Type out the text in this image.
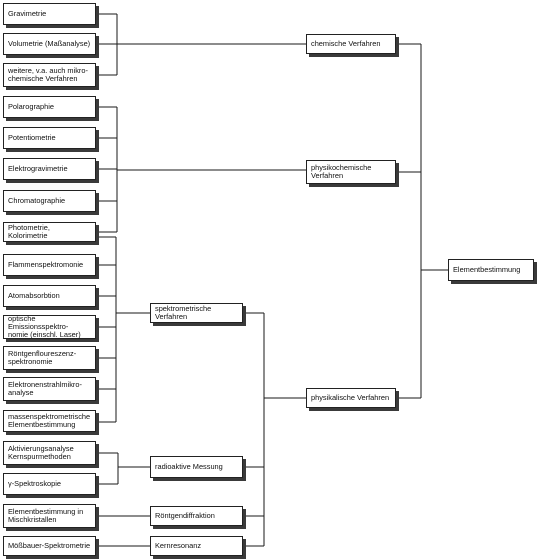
Gravimetrie
Volumetrie (Maßanalyse)
weitere, v.a. auch mikro-
chemische Verfahren
Polarographie
Potentiometrie
Elektrogravimetrie
Chromatographie
Photometrie, Kolorimetrie
Flammenspektromonie
Atomabsorbtion
optische Emissionsspektro-
nomie (einschl. Laser)
Röntgenfloureszenz-
spektronomie
Elektronenstrahlmikro-
analyse
massenspektrometrische
Elementbestimmung
Aktivierungsanalyse
Kernspurmethoden
γ-Spektroskopie
Elementbestimmung in
Mischkristallen
Mößbauer-Spektrometrie
spektrometrische Verfahren
radioaktive Messung
Röntgendiffraktion
Kernresonanz
chemische Verfahren
physikochemische
Verfahren
physikalische Verfahren
Elementbestimmung
